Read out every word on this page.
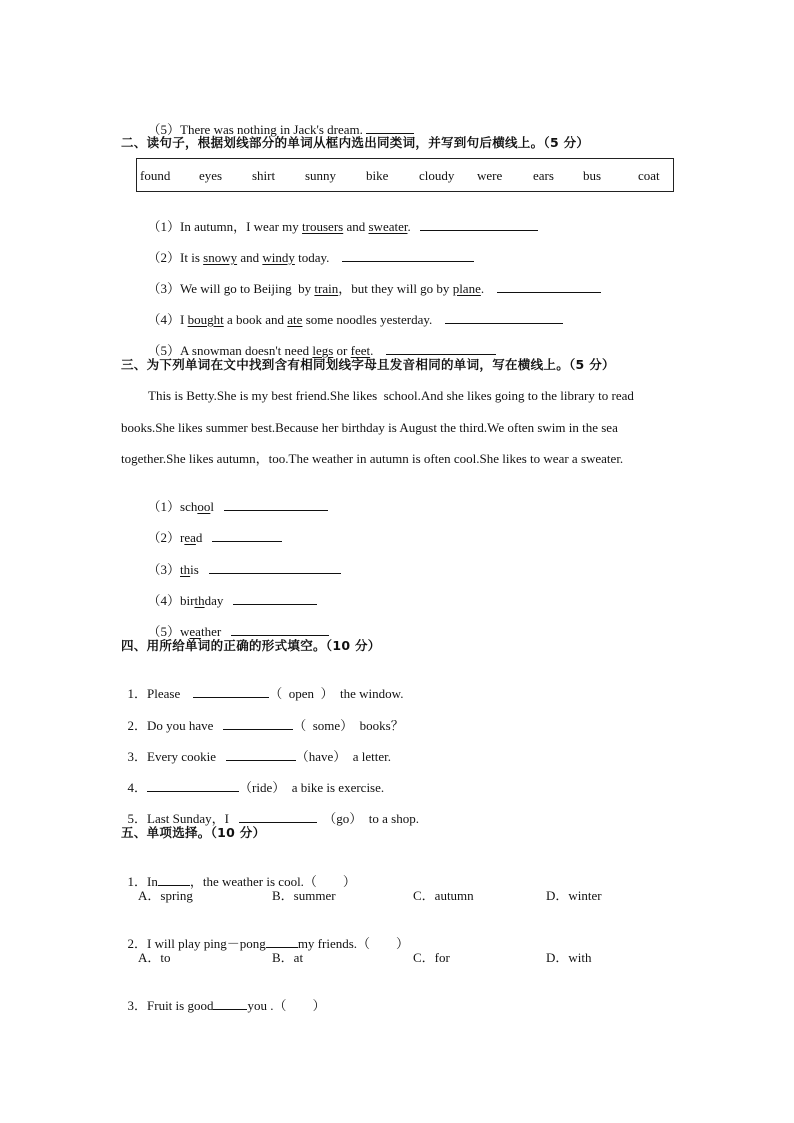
（5）There was nothing in Jack's dream.

二、读句子，根据划线部分的单词从框内选出同类词，并写到句后横线上。（5 分）
found eyes shirt sunny bike cloudy were ears bus	coat

（1）In autumn，I wear my trousers and sweater.

（2）It is snowy and windy today.

（3）We will go to Beijing  by train，but they will go by plane.

（4）I bought a book and ate some noodles yesterday.

（5）A snowman doesn't need legs or feet.

三、为下列单词在文中找到含有相同划线字母且发音相同的单词，写在横线上。（5 分）
This is Betty.She is my best friend.She likes  school.And she likes going to the library to read
books.She likes summer best.Because her birthday is August the third.We often swim in the sea
together.She likes autumn，too.The weather in autumn is often cool.She likes to wear a sweater.

（1）school

（2）read

（3）this

（4）birthday

（5）weather

四、用所给单词的正确的形式填空。（10 分）

1．Please	（  open  ） the window.

2．Do you have	（  some） books？

3．Every cookie	（have） a letter.

4．	（ride） a bike is exercise.

5．Last Sunday，I	（go） to a shop.

五、单项选择。（10 分）

1．In ，the weather is cool.（        ）

A．spring	B．summer	C．autumn	D．winter

2．I will play ping－pong my friends.（        ）

A．to	B．at	C．for	D．with

3．Fruit is good	you .（        ）
